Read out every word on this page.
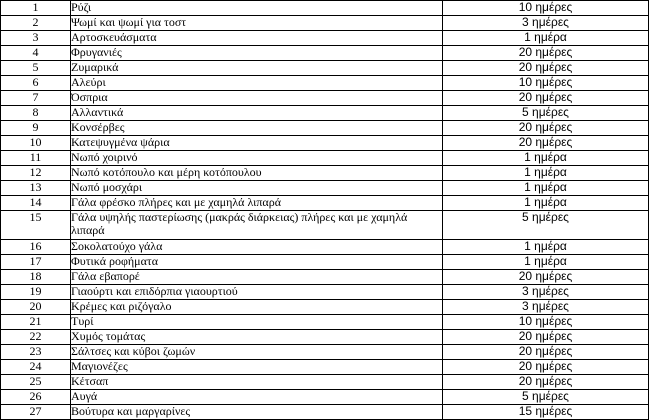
1	Ρύζι	10 ημέρες
2	Ψωμί και ψωμί για τοστ	3 ημέρες
3	Αρτοσκευάσματα	1 ημέρα
4	Φρυγανιές	20 ημέρες
5	Ζυμαρικά	20 ημέρες
6	Αλεύρι	10 ημέρες
7	Όσπρια	20 ημέρες
8	Αλλαντικά	5 ημέρες
9	Κονσέρβες	20 ημέρες
10	Κατεψυγμένα ψάρια	20 ημέρες
11	Νωπό χοιρινό	1 ημέρα
12	Νωπό κοτόπουλο και μέρη κοτόπουλου	1 ημέρα
13	Νωπό μοσχάρι	1 ημέρα
14	Γάλα φρέσκο πλήρες και με χαμηλά λιπαρά	1 ημέρα
15	Γάλα υψηλής παστερίωσης (μακράς διάρκειας) πλήρες και με χαμηλά λιπαρά	5 ημέρες
16	Σοκολατούχο γάλα	1 ημέρα
17	Φυτικά ροφήματα	1 ημέρα
18	Γάλα εβαπορέ	20 ημέρες
19	Γιαούρτι και επιδόρπια γιαουρτιού	3 ημέρες
20	Κρέμες και ριζόγαλο	3 ημέρες
21	Τυρί	10 ημέρες
22	Χυμός τομάτας	20 ημέρες
23	Σάλτσες και κύβοι ζωμών	20 ημέρες
24	Μαγιονέζες	20 ημέρες
25	Κέτσαπ	20 ημέρες
26	Αυγά	5 ημέρες
27	Βούτυρα και μαργαρίνες	15 ημέρες
